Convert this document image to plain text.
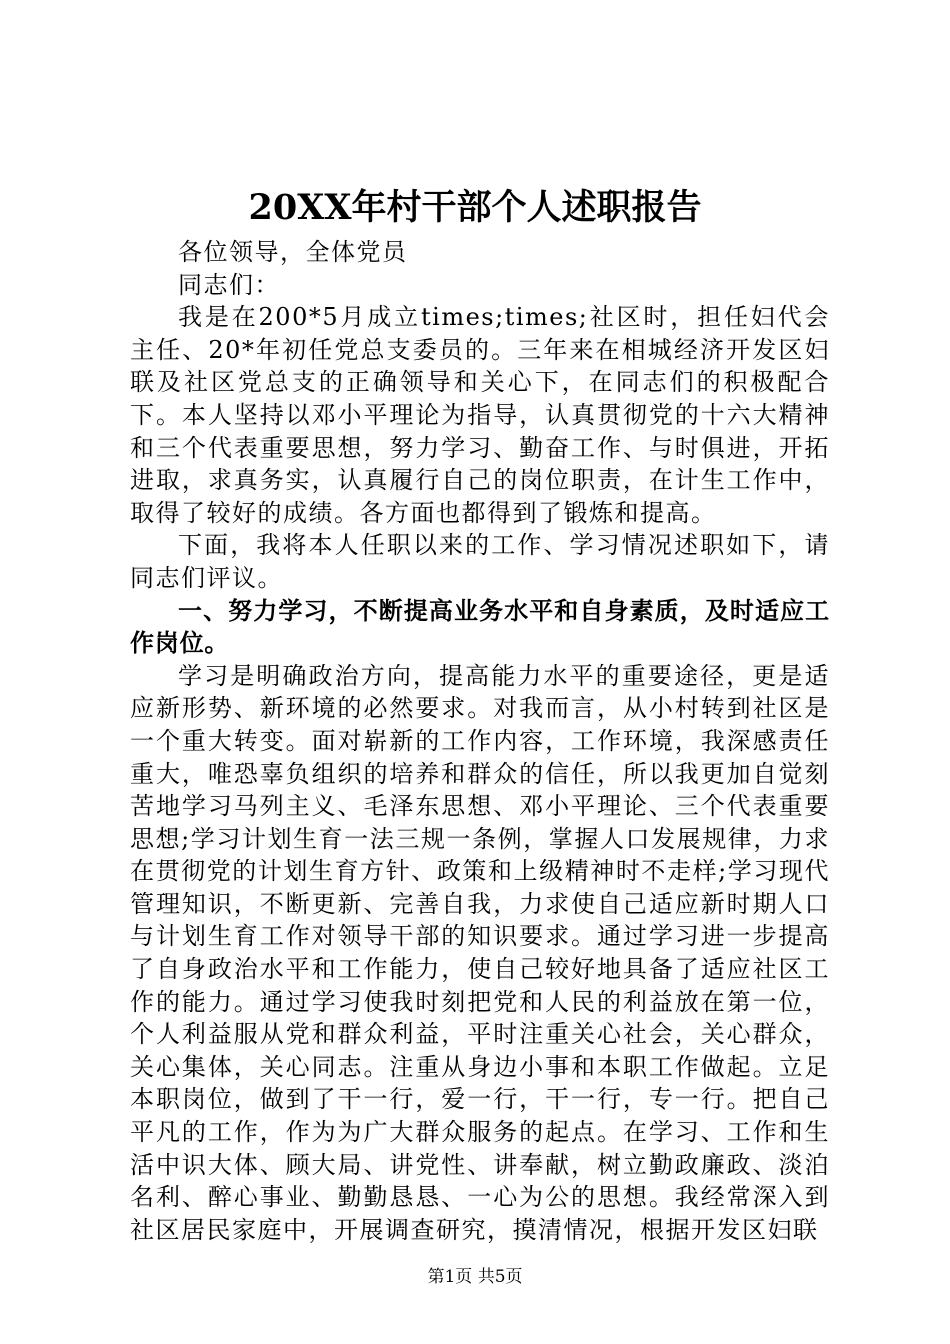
20XX年村干部个人述职报告

各位领导，全体党员

同志们：

我是在200*5月成立times;times;社区时，担任妇代会主任、20*年初任党总支委员的。三年来在相城经济开发区妇联及社区党总支的正确领导和关心下，在同志们的积极配合下。本人坚持以邓小平理论为指导，认真贯彻党的十六大精神和三个代表重要思想，努力学习、勤奋工作、与时俱进，开拓进取，求真务实，认真履行自己的岗位职责，在计生工作中，取得了较好的成绩。各方面也都得到了锻炼和提高。

下面，我将本人任职以来的工作、学习情况述职如下，请同志们评议。

一、努力学习，不断提高业务水平和自身素质，及时适应工作岗位。

学习是明确政治方向，提高能力水平的重要途径，更是适应新形势、新环境的必然要求。对我而言，从小村转到社区是一个重大转变。面对崭新的工作内容，工作环境，我深感责任重大，唯恐辜负组织的培养和群众的信任，所以我更加自觉刻苦地学习马列主义、毛泽东思想、邓小平理论、三个代表重要思想;学习计划生育一法三规一条例，掌握人口发展规律，力求在贯彻党的计划生育方针、政策和上级精神时不走样;学习现代管理知识，不断更新、完善自我，力求使自己适应新时期人口与计划生育工作对领导干部的知识要求。通过学习进一步提高了自身政治水平和工作能力，使自己较好地具备了适应社区工作的能力。通过学习使我时刻把党和人民的利益放在第一位，个人利益服从党和群众利益，平时注重关心社会，关心群众，关心集体，关心同志。注重从身边小事和本职工作做起。立足本职岗位，做到了干一行，爱一行，干一行，专一行。把自己平凡的工作，作为为广大群众服务的起点。在学习、工作和生活中识大体、顾大局、讲党性、讲奉献，树立勤政廉政、淡泊名利、醉心事业、勤勤恳恳、一心为公的思想。我经常深入到社区居民家庭中，开展调查研究，摸清情况，根据开发区妇联

第1页 共5页
